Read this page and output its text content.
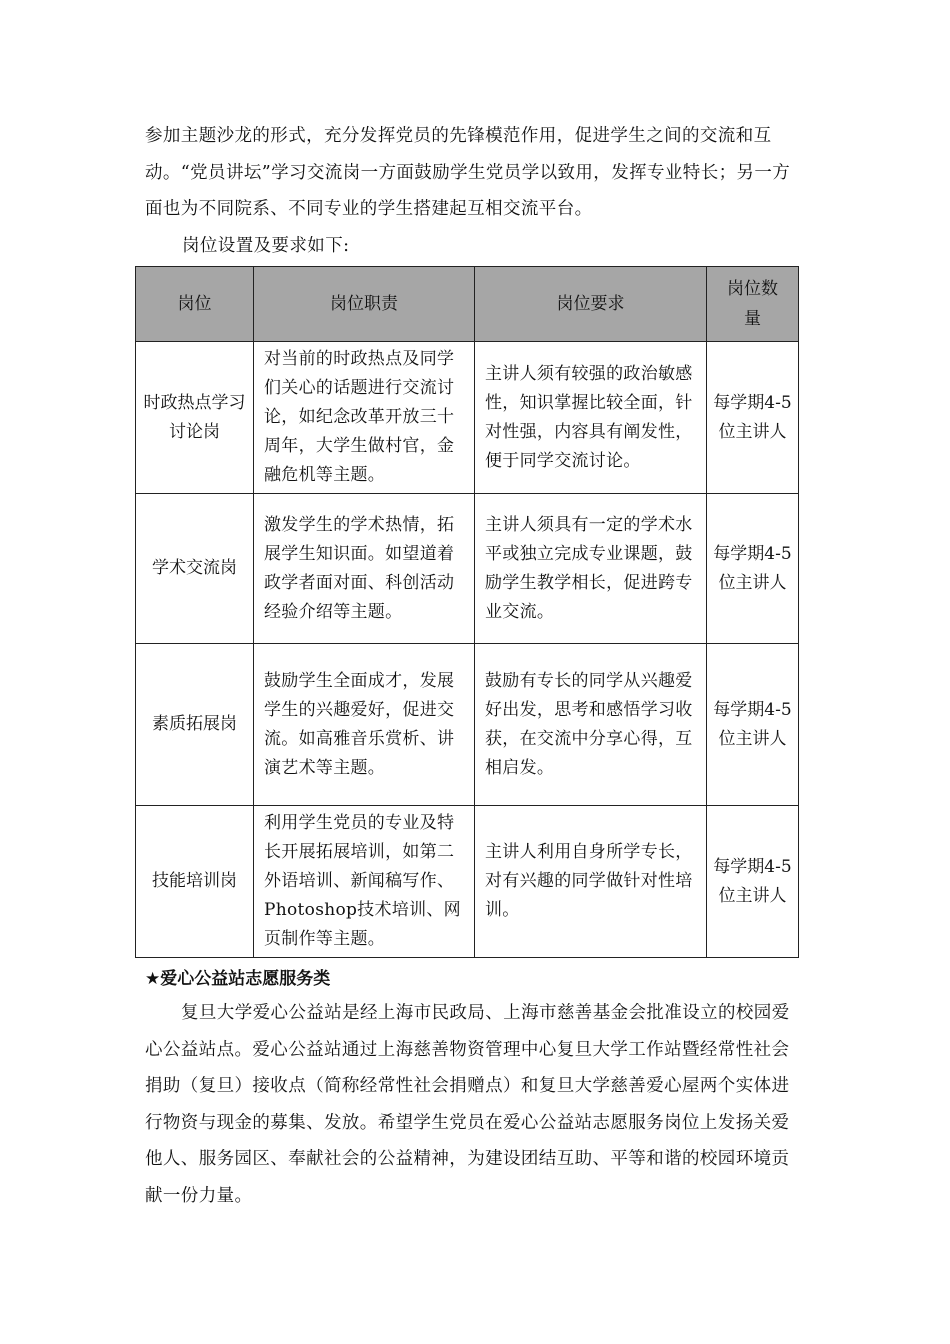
参加主题沙龙的形式，充分发挥党员的先锋模范作用，促进学生之间的交流和互动。“党员讲坛”学习交流岗一方面鼓励学生党员学以致用，发挥专业特长；另一方面也为不同院系、不同专业的学生搭建起互相交流平台。

岗位设置及要求如下:

岗位	岗位职责	岗位要求	岗位数量
时政热点学习讨论岗	对当前的时政热点及同学们关心的话题进行交流讨论，如纪念改革开放三十周年，大学生做村官，金融危机等主题。	主讲人须有较强的政治敏感性，知识掌握比较全面，针对性强，内容具有阐发性，便于同学交流讨论。	每学期4-5位主讲人
学术交流岗	激发学生的学术热情，拓展学生知识面。如望道着政学者面对面、科创活动经验介绍等主题。	主讲人须具有一定的学术水平或独立完成专业课题，鼓励学生教学相长，促进跨专业交流。	每学期4-5位主讲人
素质拓展岗	鼓励学生全面成才，发展学生的兴趣爱好，促进交流。如高雅音乐赏析、讲演艺术等主题。	鼓励有专长的同学从兴趣爱好出发，思考和感悟学习收获，在交流中分享心得，互相启发。	每学期4-5位主讲人
技能培训岗	利用学生党员的专业及特长开展拓展培训，如第二外语培训、新闻稿写作、Photoshop技术培训、网页制作等主题。	主讲人利用自身所学专长，对有兴趣的同学做针对性培训。	每学期4-5位主讲人
★爱心公益站志愿服务类

复旦大学爱心公益站是经上海市民政局、上海市慈善基金会批准设立的校园爱心公益站点。爱心公益站通过上海慈善物资管理中心复旦大学工作站暨经常性社会捐助（复旦）接收点（简称经常性社会捐赠点）和复旦大学慈善爱心屋两个实体进行物资与现金的募集、发放。希望学生党员在爱心公益站志愿服务岗位上发扬关爱他人、服务园区、奉献社会的公益精神，为建设团结互助、平等和谐的校园环境贡献一份力量。
